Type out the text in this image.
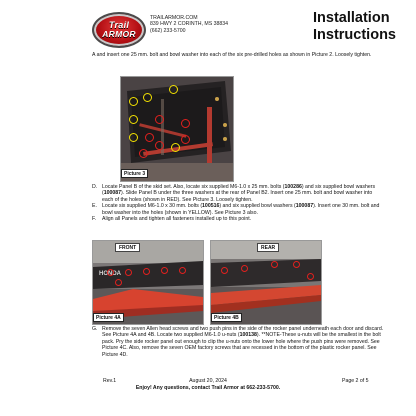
Trail
ARMOR
TRAILARMOR.COM
839 HWY 2 CORINTH, MS 38834
(662) 233-5700
Installation
Instructions
A and insert one 25 mm. bolt and bowl washer into each of the six pre-drilled holes as shown in Picture 2. Loosely tighten.
Picture 3
D. Locate Panel B of the skid set. Also, locate six supplied M6-1.0 x 25 mm. bolts (100286) and six supplied bowl washers (100087). Slide Panel B under the three washers at the rear of Panel B2. Insert one 25 mm. bolt and bowl washer into each of the holes (shown in RED). See Picture 3. Loosely tighten.
E. Locate six supplied M6-1.0 x 30 mm. bolts (100516) and six supplied bowl washers (100087). Insert one 30 mm. bolt and bowl washer into the holes (shown in YELLOW). See Picture 3 also.
F.	Align all Panels and tighten all fasteners installed up to this point.
HONDA
FRONT
Picture 4A
REAR
Picture 4B
G. Remove the seven Allen head screws and two push pins in the side of the rocker panel underneath each door and discard. See Picture 4A and 4B. Locate two supplied M6-1.0 u-nuts (100138). **NOTE-These u-nuts will be the smallest in the bolt pack. Pry the side rocker panel out enough to clip the u-nuts onto the lower hole where the push pins were removed. See Picture 4C. Also, remove the seven OEM factory screws that are recessed in the bottom of the plastic rocker panel. See Picture 4D.
Rev.1	August 20, 2024	Page 2 of 5
Enjoy! Any questions, contact Trail Armor at 662-233-5700.
